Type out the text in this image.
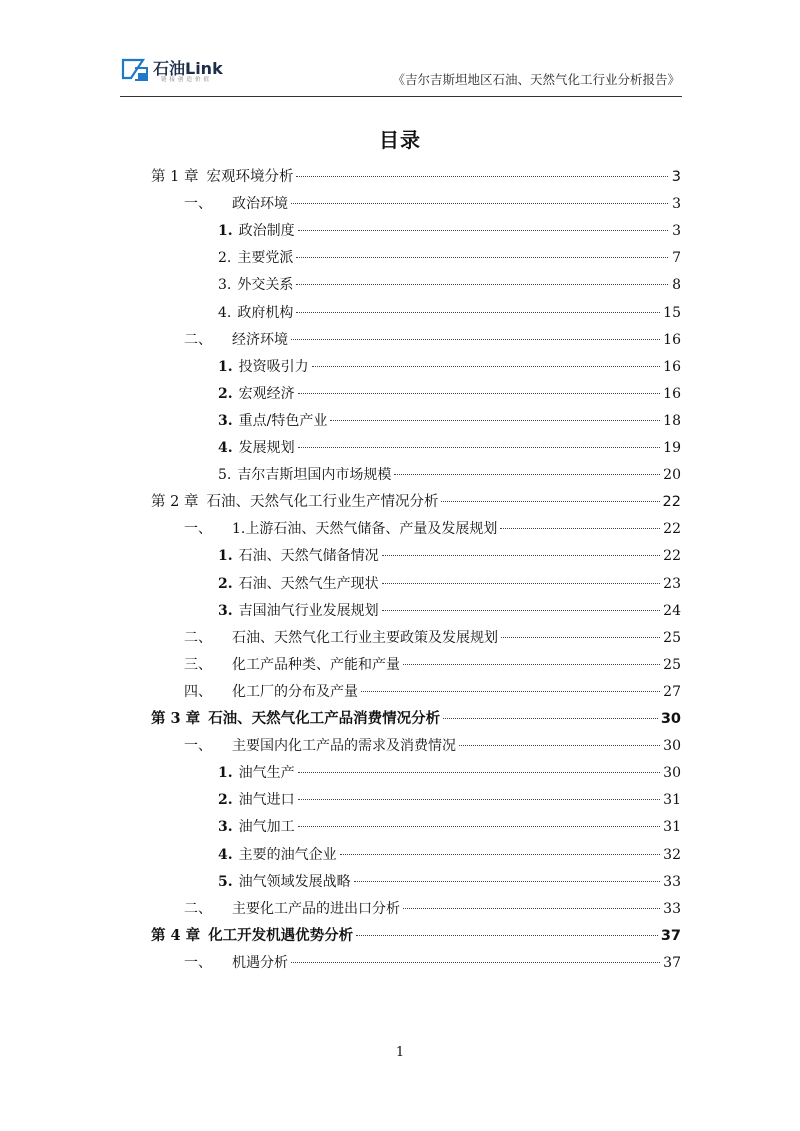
石油Link
链接创造价值	《吉尔吉斯坦地区石油、天然气化工行业分析报告》
目录
第 1 章 宏观环境分析	3
一、 政治环境	3
1. 政治制度	3
2. 主要党派	7
3. 外交关系	8
4. 政府机构	15
二、 经济环境	16
1. 投资吸引力	16
2. 宏观经济	16
3. 重点/特色产业	18
4. 发展规划	19
5. 吉尔吉斯坦国内市场规模	20
第 2 章 石油、天然气化工行业生产情况分析	22
一、 1.上游石油、天然气储备、产量及发展规划	22
1. 石油、天然气储备情况	22
2. 石油、天然气生产现状	23
3. 吉国油气行业发展规划	24
二、 石油、天然气化工行业主要政策及发展规划	25
三、 化工产品种类、产能和产量	25
四、 化工厂的分布及产量	27
第 3 章 石油、天然气化工产品消费情况分析	30
一、 主要国内化工产品的需求及消费情况	30
1. 油气生产	30
2. 油气进口	31
3. 油气加工	31
4. 主要的油气企业	32
5. 油气领域发展战略	33
二、 主要化工产品的进出口分析	33
第 4 章 化工开发机遇优势分析	37
一、 机遇分析	37
1
